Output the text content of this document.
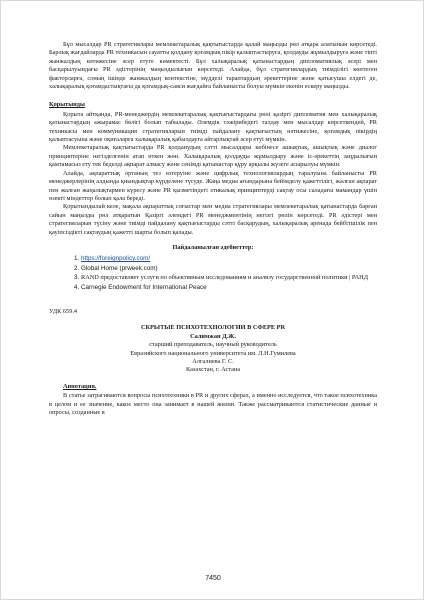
Бұл мысалдар PR стратегиялары мемлекетаралық қақтығыстарда қалай маңызды рөл атқара алатынын көрсетеді. Барлық жағдайларда PR техникасын сауатты қолдану қоғамдық пікір қалыптастыруға, қолдауды жұмылдыруға және тіпті жанжалдың нәтижесіне әсер етуге көмектесті. Бұл халықаралық қатынастардың дипломатиялық әсері мен басқарылуындағы PR әдістерінің маңыздылығын көрсетеді. Алайда, бұл стратегиялардың тиімділігі көптеген факторларға, соның ішінде жанжалдың контекстіне, мүдделі тараптардың әрекеттеріне және қатысушы елдегі де, халықаралық қоғамдастықтағы да қоғамдық-саяси жағдайға байланысты болуы мүмкін екенін ескеру маңызды.

Қорытынды

Қорыта айтқанда, PR-менеджердің мемлекетаралық қақтығыстардағы рөлі қазіргі дипломатия мен халықаралық қатынастардың ажырамас бөлігі болып табылады. Әлемдік тәжірибедегі талдау мен мысалдар көрсеткендей, PR техникасы мен коммуникация стратегияларын тиімді пайдалану қақтығыстың нәтижесіне, қоғамдық пікірдің қалыптасуына және оқиғаларға халықаралық қабылдауға айтарлықтай әсер етуі мүмкін.

Мемлекетаралық қақтығыстарда PR қолданудың сәтті мысалдары көбінесе ашықтық, ашықтық және диалог принциптеріне негізделгенін атап өткен жөн. Халықаралық қолдауды жұмылдыру және іс-әрекеттің заңдылығын қамтамасыз ету тек беделді ақпарат алмасу және сенімді қатынастар құру арқылы жүзеге асырылуы мүмкін.

Алайда, ақпараттық ортаның тез өзгеруіне және цифрлық технологиялардың таралуына байланысты PR менеджерлерінің алдында қиындықтар күрделене түсуде. Жаңа медиа ағындарына бейімделу қажеттілігі, жалған ақпарат пен жалған жаңалықтармен күресу және PR қызметіндегі этикалық принциптерді сақтау осы саладағы мамандар үшін өзекті міндеттер болып қала береді.

Қорытындылай келе, мақала ақпараттық соғыстар мен медиа стратегиялары мемлекетаралық қатынастарда барған сайын маңызды рөл атқаратын Қазіргі әлемдегі PR менеджментінің негізгі рөлін көрсетеді. PR әдістері мен стратегияларын түсіну және тиімді пайдалану қақтығыстарды сәтті басқарудың, халықаралық аренада бейбітшілік пен қауіпсіздікті сақтаудың қажетті шарты болып қалады.

Пайдаланылған әдебиеттер:
1. https://foreignpolicy.com/
2. Global Home (prweek.com)
3. RAND предоставляет услуги по объективным исследованиям и анализу государственной политики | РАНД
4. Carnegie Endowment for International Peace
УДК 659.4
СКРЫТЫЕ ПСИХОТЕХНОЛОГИИ В СФЕРЕ PR
Салимжан Д.Ж.
старший преподаватель, научный руководитель
Евразийского национального университета им. Л.Н.Гумилева
Алгалиева Г. С.
Казахстан, г. Астана
Аннотация.

В статье затрагиваются вопросы психотехники в PR и других сферах, а именно исследуется, что такое психотехника в целом и ее значение, какое место она занимает в нашей жизни. Также рассматриваются статистические данные и опросы, созданные в

7450
